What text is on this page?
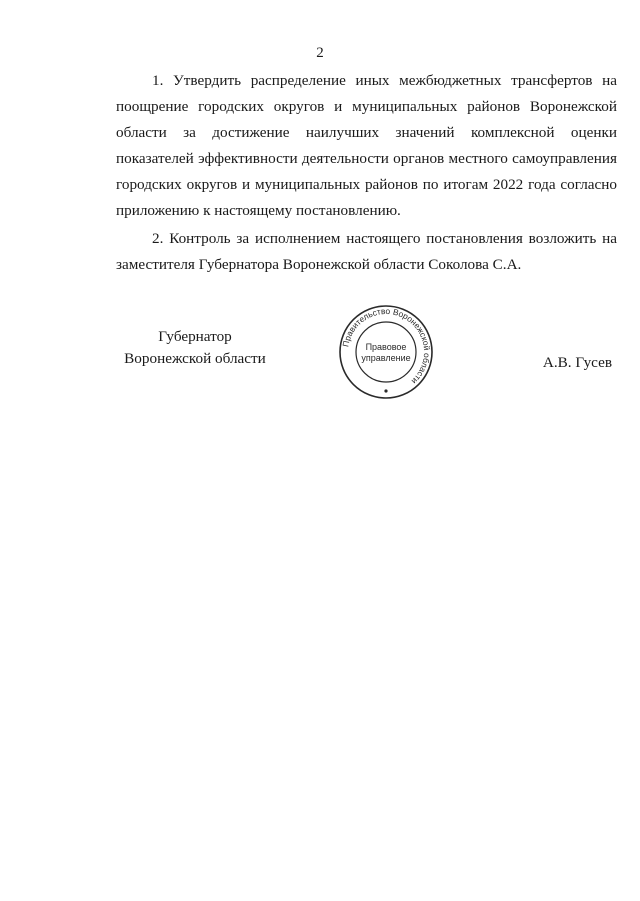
2

1. Утвердить распределение иных межбюджетных трансфертов на поощрение городских округов и муниципальных районов Воронежской области за достижение наилучших значений комплексной оценки показателей эффективности деятельности органов местного самоуправления городских округов и муниципальных районов по итогам 2022 года согласно приложению к настоящему постановлению.

2. Контроль за исполнением настоящего постановления возложить на заместителя Губернатора Воронежской области Соколова С.А.

Губернатор
Воронежской области
Правительство Воронежской области
Правовое
управление	А.В. Гусев
